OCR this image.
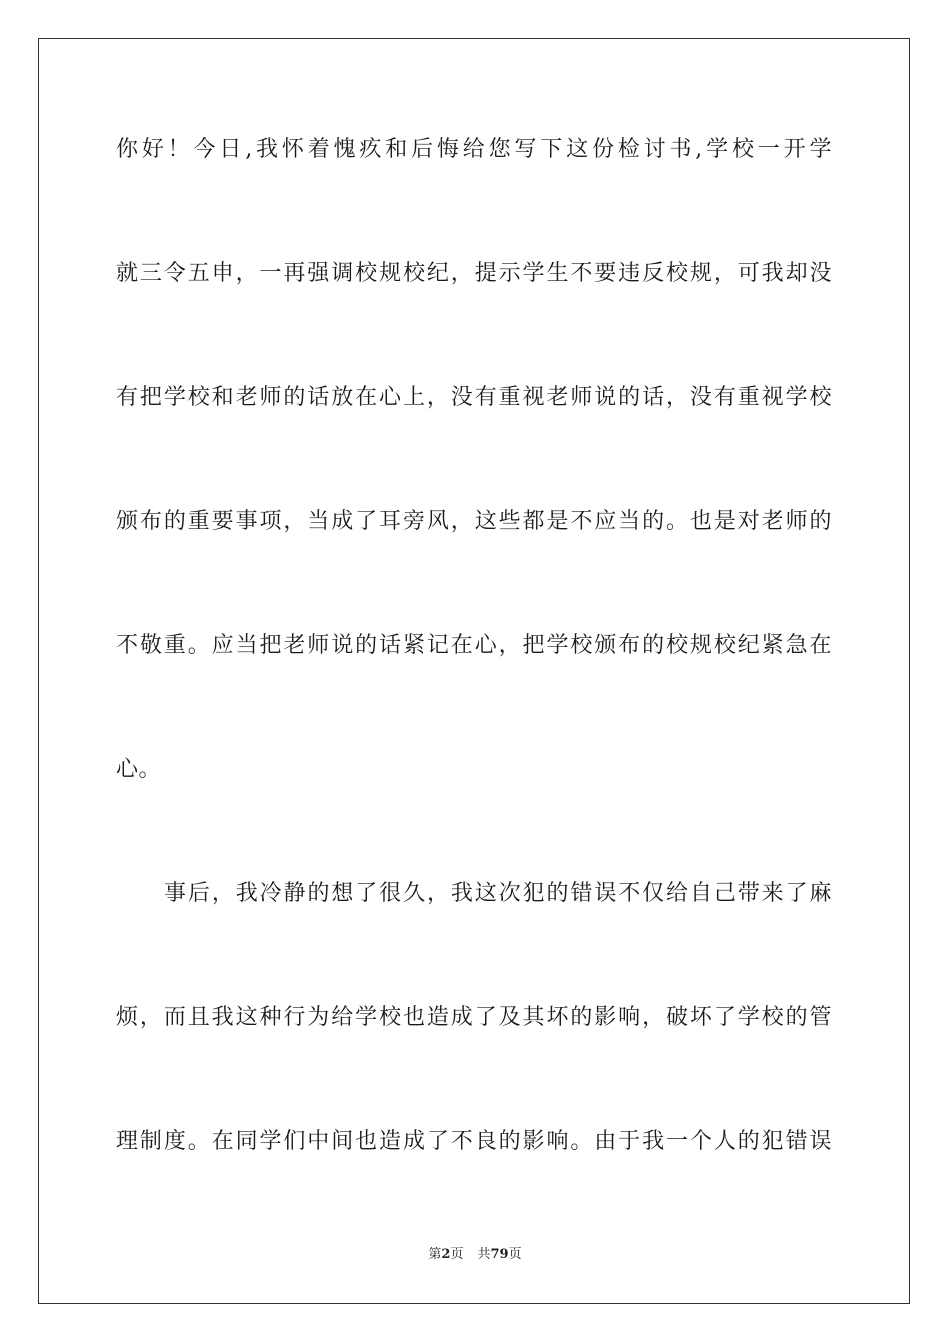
你好！今日,我怀着愧疚和后悔给您写下这份检讨书,学校一开学
就三令五申，一再强调校规校纪，提示学生不要违反校规，可我却没
有把学校和老师的话放在心上，没有重视老师说的话，没有重视学校
颁布的重要事项，当成了耳旁风，这些都是不应当的。也是对老师的
不敬重。应当把老师说的话紧记在心，把学校颁布的校规校纪紧急在
心。
事后，我冷静的想了很久，我这次犯的错误不仅给自己带来了麻
烦，而且我这种行为给学校也造成了及其坏的影响，破坏了学校的管
理制度。在同学们中间也造成了不良的影响。由于我一个人的犯错误
第2页 共79页
